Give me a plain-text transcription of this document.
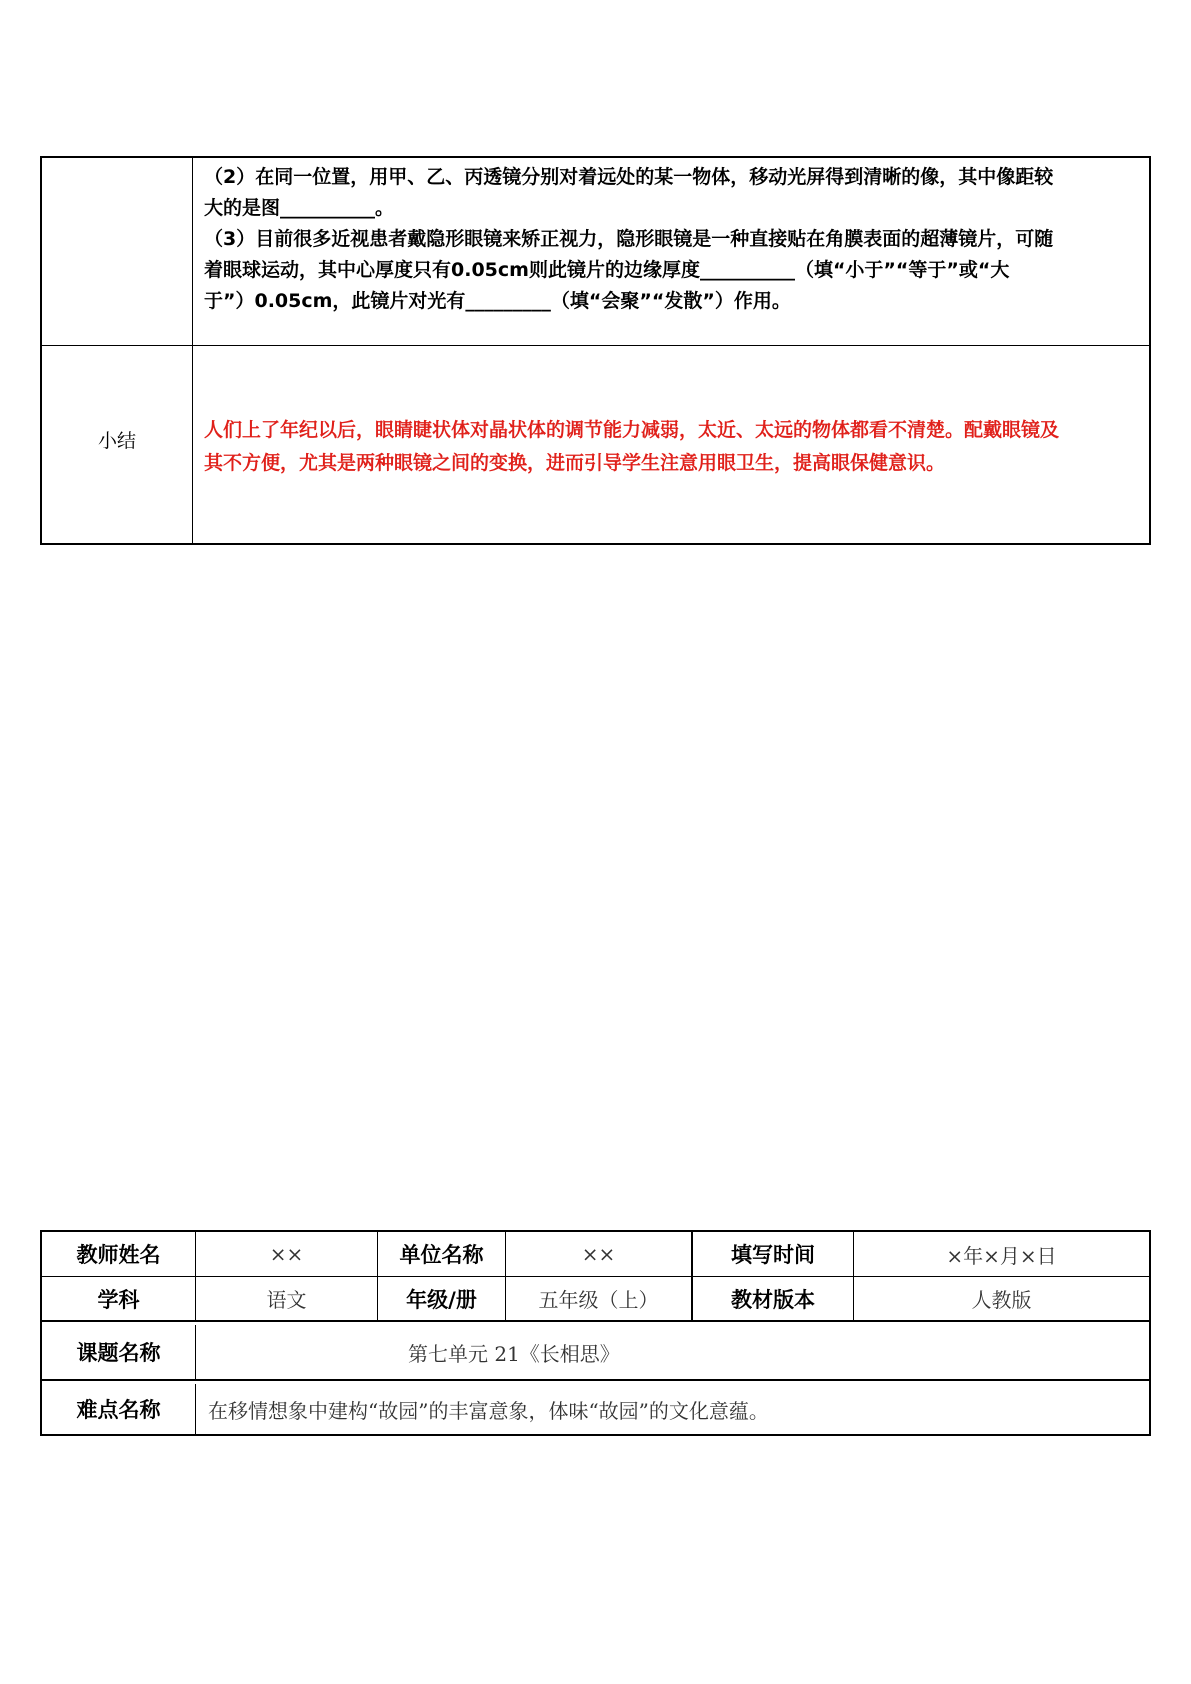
（2）在同一位置，用甲、乙、丙透镜分别对着远处的某一物体，移动光屏得到清晰的像，其中像距较

大的是图__________。

（3）目前很多近视患者戴隐形眼镜来矫正视力，隐形眼镜是一种直接贴在角膜表面的超薄镜片，可随

着眼球运动，其中心厚度只有0.05cm则此镜片的边缘厚度__________（填“小于”“等于”或“大

于”）0.05cm，此镜片对光有_________（填“会聚”“发散”）作用。

小结	人们上了年纪以后，眼睛睫状体对晶状体的调节能力减弱，太近、太远的物体都看不清楚。配戴眼镜及
其不方便，尤其是两种眼镜之间的变换，进而引导学生注意用眼卫生，提高眼保健意识。
教师姓名	××	单位名称	××	填写时间	×年×月×日
学科	语文	年级/册	五年级（上）	教材版本	人教版
课题名称	第七单元 21《长相思》
难点名称	在移情想象中建构“故园”的丰富意象，体味“故园”的文化意蕴。
